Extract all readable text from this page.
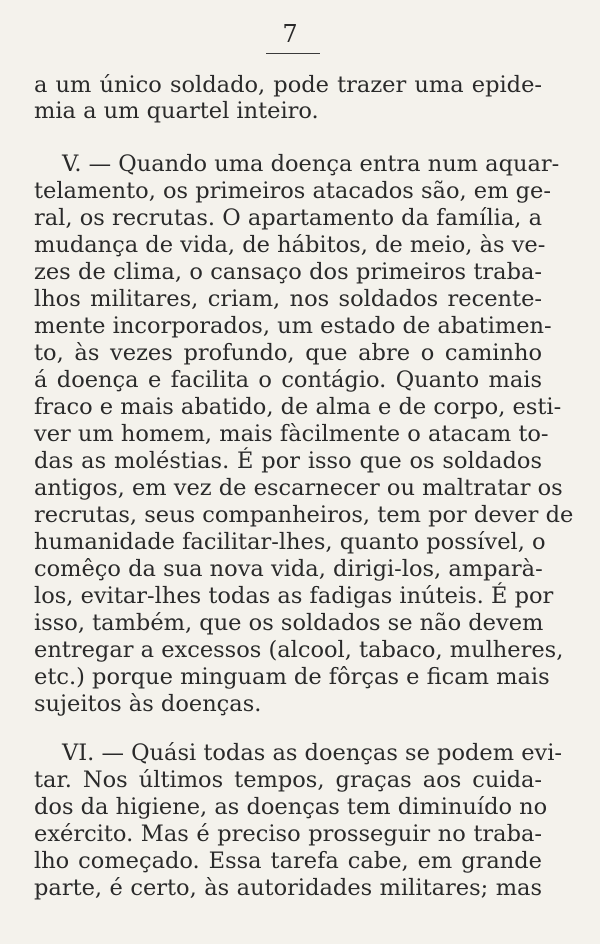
7
a um único soldado, pode trazer uma epide-
mia a um quartel inteiro.
V. — Quando uma doença entra num aquar-
telamento, os primeiros atacados são, em ge-
ral, os recrutas. O apartamento da família, a
mudança de vida, de hábitos, de meio, às ve-
zes de clima, o cansaço dos primeiros traba-
lhos militares, criam, nos soldados recente-
mente incorporados, um estado de abatimen-
to, às vezes profundo, que abre o caminho
á doença e facilita o contágio. Quanto mais
fraco e mais abatido, de alma e de corpo, esti-
ver um homem, mais fàcilmente o atacam to-
das as moléstias. É por isso que os soldados
antigos, em vez de escarnecer ou maltratar os
recrutas, seus companheiros, tem por dever de
humanidade facilitar-lhes, quanto possível, o
comêço da sua nova vida, dirigi-los, amparà-
los, evitar-lhes todas as fadigas inúteis. É por
isso, também, que os soldados se não devem
entregar a excessos (alcool, tabaco, mulheres,
etc.) porque minguam de fôrças e ficam mais
sujeitos às doenças.
VI. — Quási todas as doenças se podem evi-
tar. Nos últimos tempos, graças aos cuida-
dos da higiene, as doenças tem diminuído no
exército. Mas é preciso prosseguir no traba-
lho começado. Essa tarefa cabe, em grande
parte, é certo, às autoridades militares; mas
